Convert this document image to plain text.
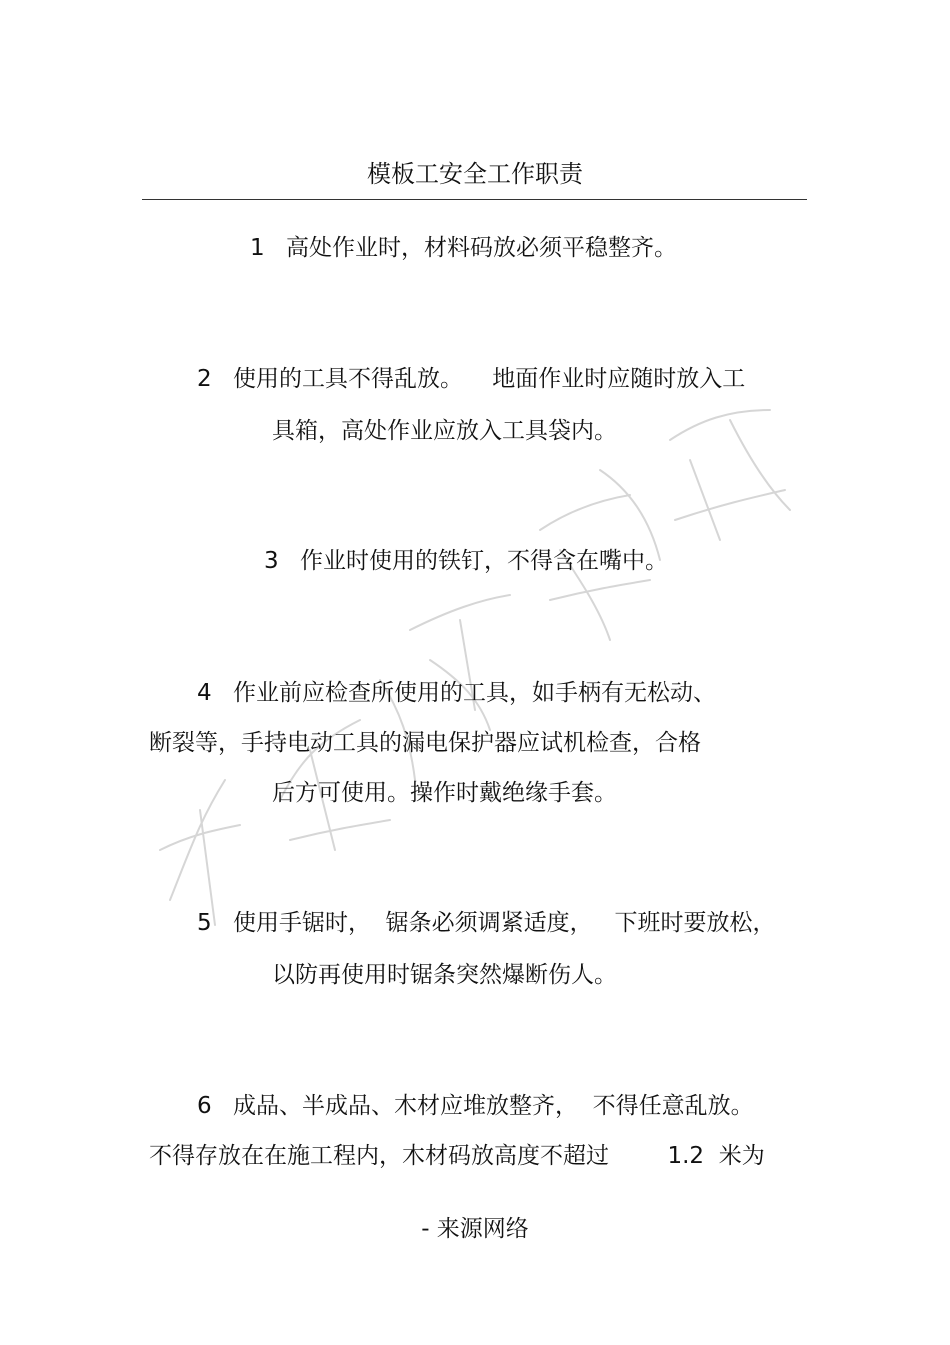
模板工安全工作职责
1 高处作业时，材料码放必须平稳整齐。
2 使用的工具不得乱放。    地面作业时应随时放入工
具箱，高处作业应放入工具袋内。
3 作业时使用的铁钉，不得含在嘴中。
4 作业前应检查所使用的工具，如手柄有无松动、
断裂等，手持电动工具的漏电保护器应试机检查，合格
后方可使用。操作时戴绝缘手套。
5 使用手锯时，  锯条必须调紧适度，   下班时要放松，
以防再使用时锯条突然爆断伤人。
6 成品、半成品、木材应堆放整齐，  不得任意乱放。
不得存放在在施工程内，木材码放高度不超过        1.2  米为
- 来源网络
